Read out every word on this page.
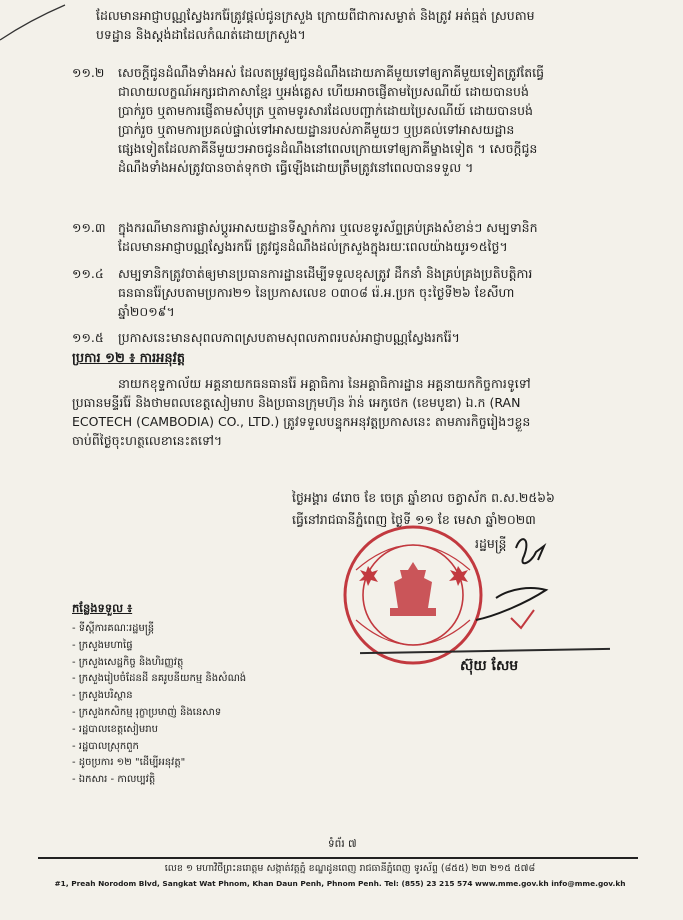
ដែលមានអាជ្ញាបណ្ណស្វែងរករ៉ែត្រូវផ្ដល់ជូនក្រសួង ក្រោយពីជាការសម្ងាត់ និងត្រូវ អត់ធ្មត់ ស្របតាម
បទដ្ឋាន និងស្តង់ដាដែលកំណត់ដោយក្រសួង។
១១.២ សេចក្តីជូនដំណឹងទាំងអស់ ដែលតម្រូវឲ្យជូនដំណឹងដោយភាគីមួយទៅឲ្យភាគីមួយទៀតត្រូវតែធ្វើ
ជាលាយលក្ខណ៍អក្សរជាភាសាខ្មែរ ឬអង់គ្លេស ហើយអាចផ្ញើតាមប្រៃសណីយ៍ ដោយបានបង់
ប្រាក់រួច ឬតាមការផ្ញើតាមសំបុត្រ ឬតាមទូរសារដែលបញ្ជាក់ដោយប្រៃសណីយ៍ ដោយបានបង់
ប្រាក់រួច ឬតាមការប្រគល់ផ្ទាល់ទៅអាសយដ្ឋានរបស់ភាគីមួយៗ ឬប្រគល់ទៅអាសយដ្ឋាន
ផ្សេងទៀតដែលភាគីនីមួយៗអាចជូនដំណឹងនៅពេលក្រោយទៅឲ្យភាគីម្ខាងទៀត ។ សេចក្តីជូន
ដំណឹងទាំងអស់ត្រូវបានចាត់ទុកថា ធ្វើឡើងដោយត្រឹមត្រូវនៅពេលបានទទួល ។
១១.៣ ក្នុងករណីមានការផ្លាស់ប្តូរអាសយដ្ឋានទីស្នាក់ការ ឬលេខទូរស័ព្ទគ្រប់គ្រងសំខាន់ៗ សម្បទានិក
ដែលមានអាជ្ញាបណ្ណស្វែងរករ៉ែ ត្រូវជូនដំណឹងដល់ក្រសួងក្នុងរយៈពេលយ៉ាងយូរ១៥ថ្ងៃ។
១១.៤ សម្បទានិកត្រូវចាត់ឲ្យមានប្រធានការដ្ឋានដើម្បីទទួលខុសត្រូវ ដឹកនាំ និងគ្រប់គ្រងប្រតិបត្តិការ
ធនធានរ៉ែស្របតាមប្រការ២១ នៃប្រកាសលេខ ០៣០៨ រ៉េ.អ.ប្រក ចុះថ្ងៃទី២៦ ខែសីហា
ឆ្នាំ២០១៩។
១១.៥ ប្រកាសនេះមានសុពលភាពស្របតាមសុពលភាពរបស់អាជ្ញាបណ្ណស្វែងរករ៉ែ។
ប្រការ ១២ ៖ ការអនុវត្ត
នាយកខុទ្ទកាល័យ អគ្គនាយកធនធានរ៉ែ អគ្គាធិការ នៃអគ្គាធិការដ្ឋាន អគ្គនាយកកិច្ចការទូទៅ
ប្រធានមន្ទីររ៉ែ និងថាមពលខេត្តសៀមរាប និងប្រធានក្រុមហ៊ុន រ៉ាន់ អេកូថេក (ខេមបូឌា) ឯ.ក (RAN
ECOTECH (CAMBODIA) CO., LTD.) ត្រូវទទួលបន្ទុកអនុវត្តប្រកាសនេះ តាមភារកិច្ចរៀងៗខ្លួន
ចាប់ពីថ្ងៃចុះហត្ថលេខានេះតទៅ។
ថ្ងៃអង្គារ ៨រោច ខែ ចេត្រ ឆ្នាំខាល ចត្វាស័ក ព.ស.២៥៦៦
ធ្វើនៅរាជធានីភ្នំពេញ ថ្ងៃទី ១១ ខែ មេសា ឆ្នាំ២០២៣
រដ្ឋមន្ត្រី
ស៊ុយ សែម
កន្លែងទទួល ៖
- ទីស្តីការគណៈរដ្ឋមន្ត្រី
- ក្រសួងមហាផ្ទៃ
- ក្រសួងសេដ្ឋកិច្ច និងហិរញ្ញវត្ថុ
- ក្រសួងរៀបចំដែនដី នគរូបនីយកម្ម និងសំណង់
- ក្រសួងបរិស្ថាន
- ក្រសួងកសិកម្ម រុក្ខាប្រមាញ់ និងនេសាទ
- រដ្ឋបាលខេត្តសៀមរាប
- រដ្ឋបាលស្រុកពួក
- ដូចប្រការ ១២ "ដើម្បីអនុវត្ត"
- ឯកសារ - កាលប្បវត្តិ
ទំព័រ ៧
លេខ ១ មហាវិថីព្រះនរោត្តម សង្កាត់វត្តភ្នំ ខណ្ឌដូនពេញ រាជធានីភ្នំពេញ ទូរស័ព្ទ (៨៥៥) ២៣ ២១៥ ៥៧៨
#1, Preah Norodom Blvd, Sangkat Wat Phnom, Khan Daun Penh, Phnom Penh. Tel: (855) 23 215 574 www.mme.gov.kh info@mme.gov.kh
